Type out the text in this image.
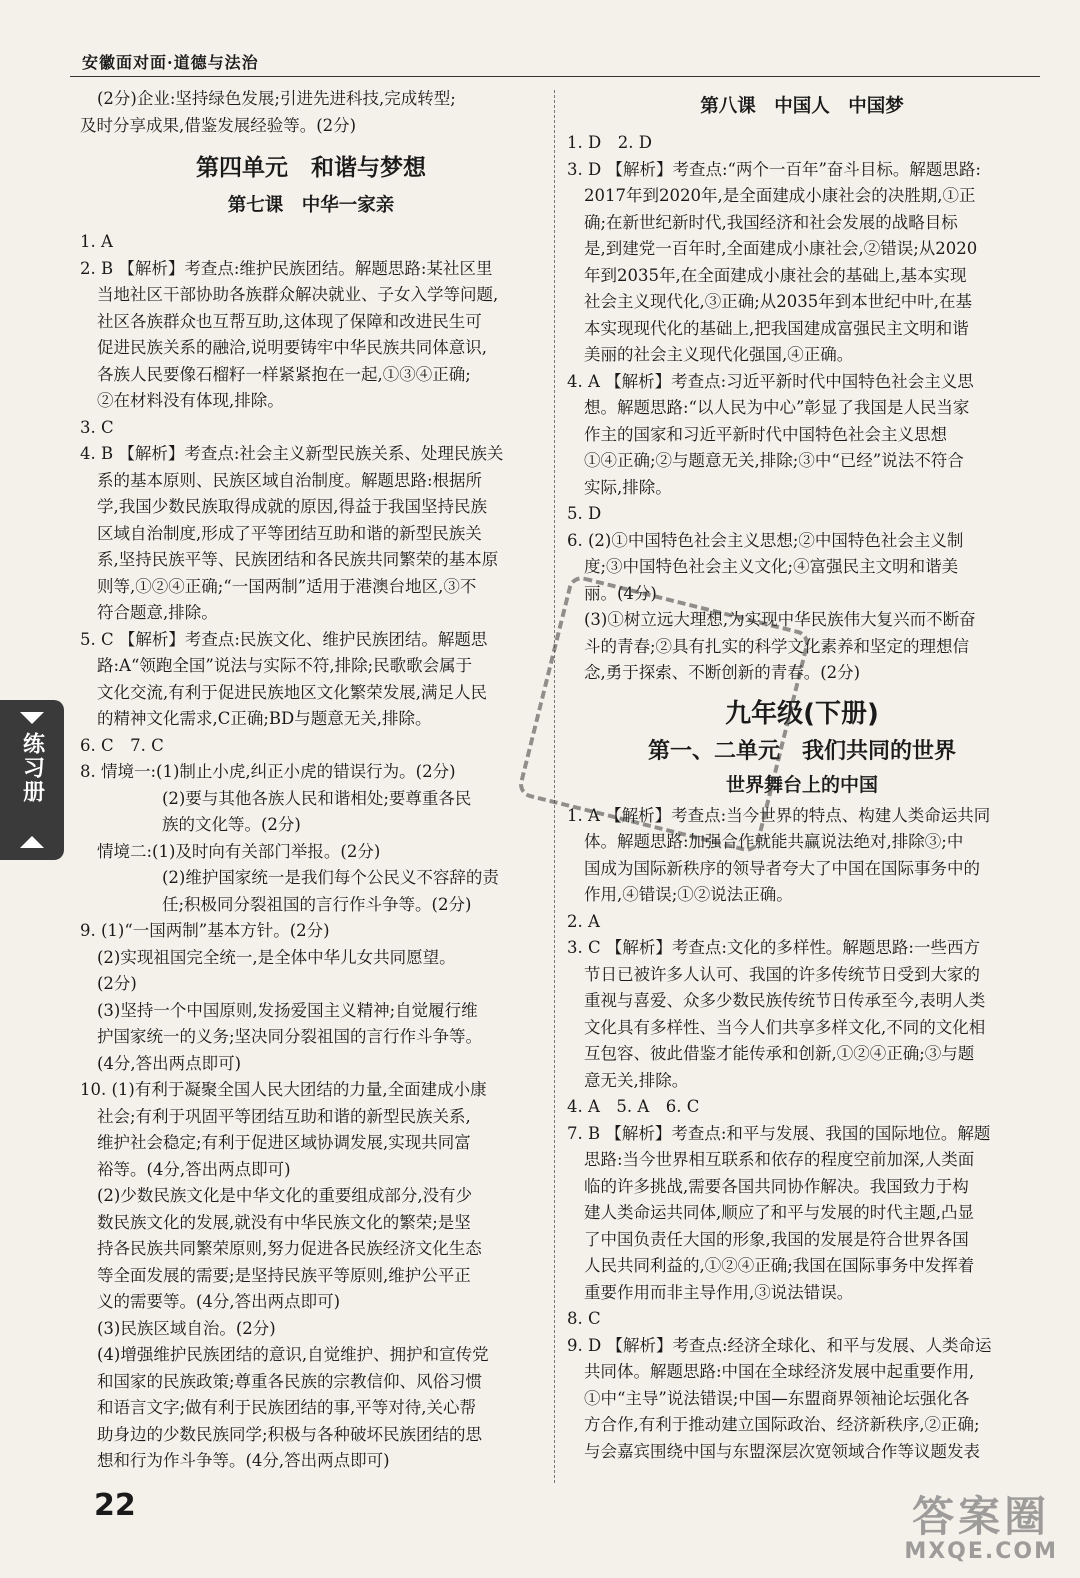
安徽面对面·道德与法治

(2分)企业:坚持绿色发展;引进先进科技,完成转型;

及时分享成果,借鉴发展经验等。(2分)

第四单元　和谐与梦想
第七课　中华一家亲

1. A

2. B 【解析】考查点:维护民族团结。解题思路:某社区里

当地社区干部协助各族群众解决就业、子女入学等问题,

社区各族群众也互帮互助,这体现了保障和改进民生可

促进民族关系的融洽,说明要铸牢中华民族共同体意识,

各族人民要像石榴籽一样紧紧抱在一起,①③④正确;

②在材料没有体现,排除。

3. C

4. B 【解析】考查点:社会主义新型民族关系、处理民族关

系的基本原则、民族区域自治制度。解题思路:根据所

学,我国少数民族取得成就的原因,得益于我国坚持民族

区域自治制度,形成了平等团结互助和谐的新型民族关

系,坚持民族平等、民族团结和各民族共同繁荣的基本原

则等,①②④正确;“一国两制”适用于港澳台地区,③不

符合题意,排除。

5. C 【解析】考查点:民族文化、维护民族团结。解题思

路:A“领跑全国”说法与实际不符,排除;民歌歌会属于

文化交流,有利于促进民族地区文化繁荣发展,满足人民

的精神文化需求,C正确;BD与题意无关,排除。

6. C　7. C

8. 情境一:(1)制止小虎,纠正小虎的错误行为。(2分)

(2)要与其他各族人民和谐相处;要尊重各民

族的文化等。(2分)

情境二:(1)及时向有关部门举报。(2分)

(2)维护国家统一是我们每个公民义不容辞的责

任;积极同分裂祖国的言行作斗争等。(2分)

9. (1)“一国两制”基本方针。(2分)

(2)实现祖国完全统一,是全体中华儿女共同愿望。

(2分)

(3)坚持一个中国原则,发扬爱国主义精神;自觉履行维

护国家统一的义务;坚决同分裂祖国的言行作斗争等。

(4分,答出两点即可)

10. (1)有利于凝聚全国人民大团结的力量,全面建成小康

社会;有利于巩固平等团结互助和谐的新型民族关系,

维护社会稳定;有利于促进区域协调发展,实现共同富

裕等。(4分,答出两点即可)

(2)少数民族文化是中华文化的重要组成部分,没有少

数民族文化的发展,就没有中华民族文化的繁荣;是坚

持各民族共同繁荣原则,努力促进各民族经济文化生态

等全面发展的需要;是坚持民族平等原则,维护公平正

义的需要等。(4分,答出两点即可)

(3)民族区域自治。(2分)

(4)增强维护民族团结的意识,自觉维护、拥护和宣传党

和国家的民族政策;尊重各民族的宗教信仰、风俗习惯

和语言文字;做有利于民族团结的事,平等对待,关心帮

助身边的少数民族同学;积极与各种破坏民族团结的思

想和行为作斗争等。(4分,答出两点即可)

第八课　中国人　中国梦

1. D　2. D

3. D 【解析】考查点:“两个一百年”奋斗目标。解题思路:

2017年到2020年,是全面建成小康社会的决胜期,①正

确;在新世纪新时代,我国经济和社会发展的战略目标

是,到建党一百年时,全面建成小康社会,②错误;从2020

年到2035年,在全面建成小康社会的基础上,基本实现

社会主义现代化,③正确;从2035年到本世纪中叶,在基

本实现现代化的基础上,把我国建成富强民主文明和谐

美丽的社会主义现代化强国,④正确。

4. A 【解析】考查点:习近平新时代中国特色社会主义思

想。解题思路:“以人民为中心”彰显了我国是人民当家

作主的国家和习近平新时代中国特色社会主义思想

①④正确;②与题意无关,排除;③中“已经”说法不符合

实际,排除。

5. D

6. (2)①中国特色社会主义思想;②中国特色社会主义制

度;③中国特色社会主义文化;④富强民主文明和谐美

丽。(4分)

(3)①树立远大理想,为实现中华民族伟大复兴而不断奋

斗的青春;②具有扎实的科学文化素养和坚定的理想信

念,勇于探索、不断创新的青春。(2分)

九年级(下册)
第一、二单元　我们共同的世界
世界舞台上的中国

1. A 【解析】考查点:当今世界的特点、构建人类命运共同

体。解题思路:加强合作就能共赢说法绝对,排除③;中

国成为国际新秩序的领导者夸大了中国在国际事务中的

作用,④错误;①②说法正确。

2. A

3. C 【解析】考查点:文化的多样性。解题思路:一些西方

节日已被许多人认可、我国的许多传统节日受到大家的

重视与喜爱、众多少数民族传统节日传承至今,表明人类

文化具有多样性、当今人们共享多样文化,不同的文化相

互包容、彼此借鉴才能传承和创新,①②④正确;③与题

意无关,排除。

4. A　5. A　6. C

7. B 【解析】考查点:和平与发展、我国的国际地位。解题

思路:当今世界相互联系和依存的程度空前加深,人类面

临的许多挑战,需要各国共同协作解决。我国致力于构

建人类命运共同体,顺应了和平与发展的时代主题,凸显

了中国负责任大国的形象,我国的发展是符合世界各国

人民共同利益的,①②④正确;我国在国际事务中发挥着

重要作用而非主导作用,③说法错误。

8. C

9. D 【解析】考查点:经济全球化、和平与发展、人类命运

共同体。解题思路:中国在全球经济发展中起重要作用,

①中“主导”说法错误;中国—东盟商界领袖论坛强化各

方合作,有利于推动建立国际政治、经济新秩序,②正确;

与会嘉宾围绕中国与东盟深层次宽领域合作等议题发表

练习册
22	答案圈
MXQE.COM
